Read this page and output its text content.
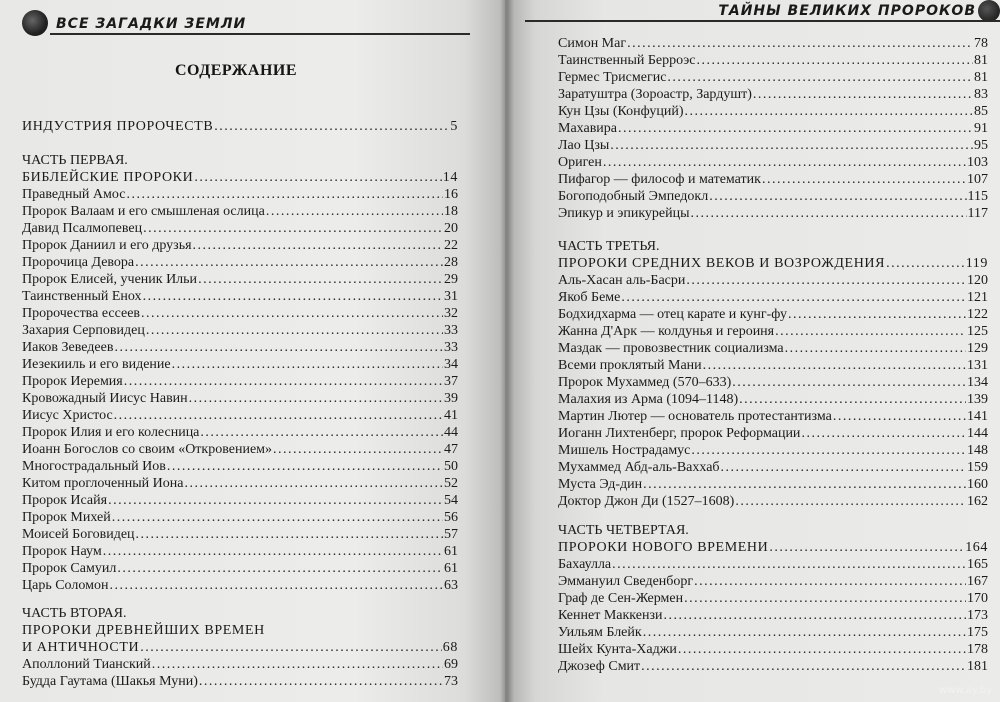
ВСЕ ЗАГАДКИ ЗЕМЛИ
СОДЕРЖАНИЕ
ИНДУСТРИЯ ПРОРОЧЕСТВ .....	5
ЧАСТЬ ПЕРВАЯ.
БИБЛЕЙСКИЕ ПРОРОКИ .....	14
Праведный Амос .....	16
Пророк Валаам и его смышленая ослица .....	18
Давид Псалмопевец .....	20
Пророк Даниил и его друзья .....	22
Пророчица Девора .....	28
Пророк Елисей, ученик Ильи .....	29
Таинственный Енох .....	31
Пророчества ессеев .....	32
Захария Серповидец .....	33
Иаков Зеведеев .....	33
Иезекииль и его видение .....	34
Пророк Иеремия .....	37
Кровожадный Иисус Навин .....	39
Иисус Христос .....	41
Пророк Илия и его колесница .....	44
Иоанн Богослов со своим «Откровением» .....	47
Многострадальный Иов .....	50
Китом проглоченный Иона .....	52
Пророк Исайя .....	54
Пророк Михей .....	56
Моисей Боговидец .....	57
Пророк Наум .....	61
Пророк Самуил .....	61
Царь Соломон .....	63
ЧАСТЬ ВТОРАЯ.
ПРОРОКИ ДРЕВНЕЙШИХ ВРЕМЕН
И АНТИЧНОСТИ .....	68
Аполлоний Тианский .....	69
Будда Гаутама (Шакья Муни) .....	73
ТАЙНЫ ВЕЛИКИХ ПРОРОКОВ
Симон Маг .....	78
Таинственный Берроэс .....	81
Гермес Трисмегис .....	81
Заратуштра (Зороастр, Зардушт) .....	83
Кун Цзы (Конфуций) .....	85
Махавира .....	91
Лао Цзы .....	95
Ориген .....	103
Пифагор — философ и математик .....	107
Богоподобный Эмпедокл .....	115
Эпикур и эпикурейцы .....	117
ЧАСТЬ ТРЕТЬЯ.
ПРОРОКИ СРЕДНИХ ВЕКОВ И ВОЗРОЖДЕНИЯ .....	119
Аль-Хасан аль-Басри .....	120
Якоб Беме .....	121
Бодхидхарма — отец карате и кунг-фу .....	122
Жанна Д'Арк — колдунья и героиня .....	125
Маздак — провозвестник социализма .....	129
Всеми проклятый Мани .....	131
Пророк Мухаммед (570–633) .....	134
Малахия из Арма (1094–1148) .....	139
Мартин Лютер — основатель протестантизма .....	141
Иоганн Лихтенберг, пророк Реформации .....	144
Мишель Нострадамус .....	148
Мухаммед Абд-аль-Ваххаб .....	159
Муста Эд-дин .....	160
Доктор Джон Ди (1527–1608) .....	162
ЧАСТЬ ЧЕТВЕРТАЯ.
ПРОРОКИ НОВОГО ВРЕМЕНИ .....	164
Бахаулла .....	165
Эммануил Сведенборг .....	167
Граф де Сен-Жермен .....	170
Кеннет Маккензи .....	173
Уильям Блейк .....	175
Шейх Кунта-Хаджи .....	178
Джозеф Смит .....	181
www.ay.by
